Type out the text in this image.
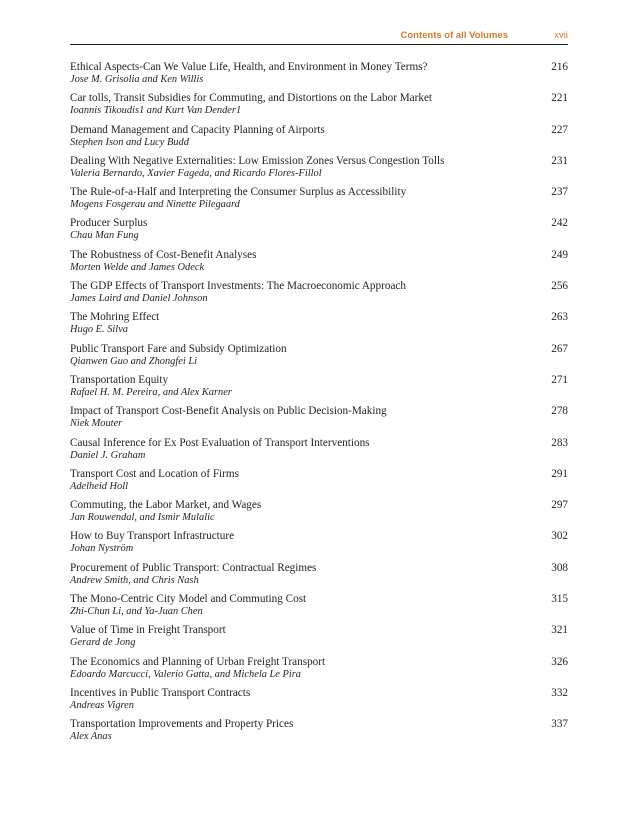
Contents of all Volumes	xvii
Ethical Aspects-Can We Value Life, Health, and Environment in Money Terms?
Jose M. Grisolia and Ken Willis
216
Car tolls, Transit Subsidies for Commuting, and Distortions on the Labor Market
Ioannis Tikoudis1 and Kurt Van Dender1
221
Demand Management and Capacity Planning of Airports
Stephen Ison and Lucy Budd
227
Dealing With Negative Externalities: Low Emission Zones Versus Congestion Tolls
Valeria Bernardo, Xavier Fageda, and Ricardo Flores-Fillol
231
The Rule-of-a-Half and Interpreting the Consumer Surplus as Accessibility
Mogens Fosgerau and Ninette Pilegaard
237
Producer Surplus
Chau Man Fung
242
The Robustness of Cost-Benefit Analyses
Morten Welde and James Odeck
249
The GDP Effects of Transport Investments: The Macroeconomic Approach
James Laird and Daniel Johnson
256
The Mohring Effect
Hugo E. Silva
263
Public Transport Fare and Subsidy Optimization
Qianwen Guo and Zhongfei Li
267
Transportation Equity
Rafael H. M. Pereira, and Alex Karner
271
Impact of Transport Cost-Benefit Analysis on Public Decision-Making
Niek Mouter
278
Causal Inference for Ex Post Evaluation of Transport Interventions
Daniel J. Graham
283
Transport Cost and Location of Firms
Adelheid Holl
291
Commuting, the Labor Market, and Wages
Jan Rouwendal, and Ismir Mulalic
297
How to Buy Transport Infrastructure
Johan Nyström
302
Procurement of Public Transport: Contractual Regimes
Andrew Smith, and Chris Nash
308
The Mono-Centric City Model and Commuting Cost
Zhi-Chun Li, and Ya-Juan Chen
315
Value of Time in Freight Transport
Gerard de Jong
321
The Economics and Planning of Urban Freight Transport
Edoardo Marcucci, Valerio Gatta, and Michela Le Pira
326
Incentives in Public Transport Contracts
Andreas Vigren
332
Transportation Improvements and Property Prices
Alex Anas
337
